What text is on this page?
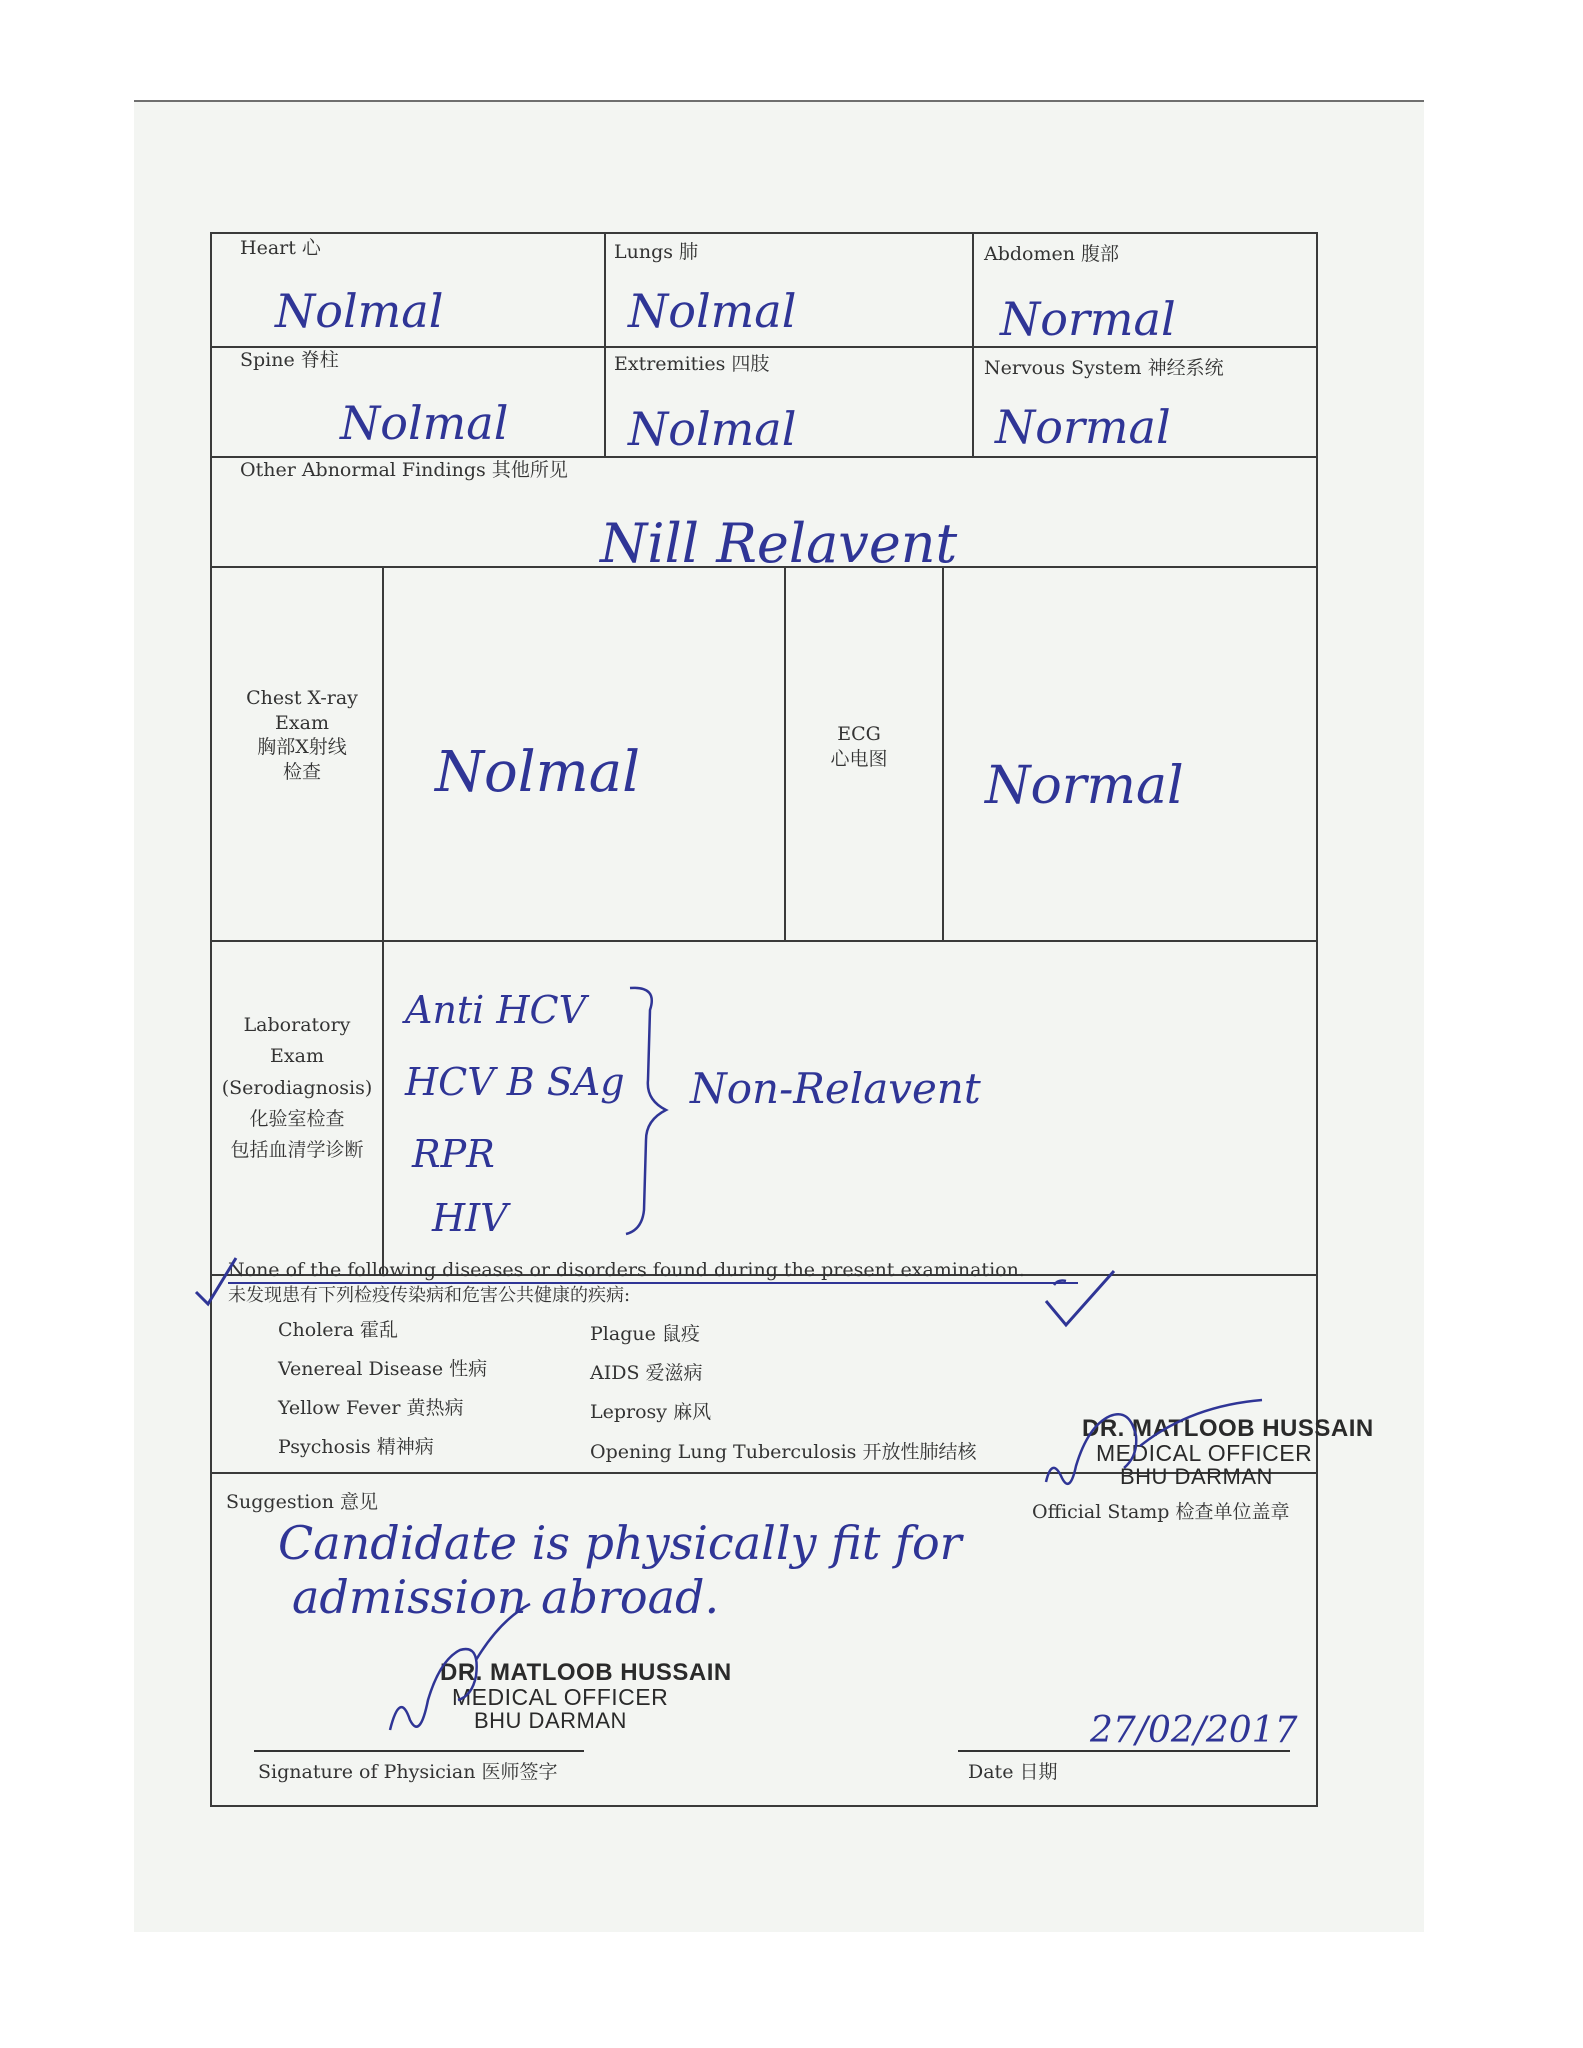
Heart 心
Nolmal
Lungs 肺
Nolmal
Abdomen 腹部
Normal
Spine 脊柱
Nolmal
Extremities 四肢
Nolmal
Nervous System 神经系统
Normal
Other Abnormal Findings 其他所见
Nill Relavent
Chest X-ray
Exam
胸部X射线
检查	Nolmal
ECG
心电图	Normal
Laboratory
Exam
(Serodiagnosis)
化验室检查
包括血清学诊断
Anti HCV
HCV B SAg
RPR
HIV
Non-Relavent
None of the following diseases or disorders found during the present examination.
未发现患有下列检疫传染病和危害公共健康的疾病:
Cholera 霍乱
Venereal Disease 性病
Yellow Fever 黄热病
Psychosis 精神病
Plague 鼠疫
AIDS 爱滋病
Leprosy 麻风
Opening Lung Tuberculosis 开放性肺结核
DR. MATLOOB HUSSAIN
MEDICAL OFFICER
BHU DARMAN
Official Stamp 检查单位盖章
Suggestion 意见
Candidate is physically fit for
admission abroad.
DR. MATLOOB HUSSAIN
MEDICAL OFFICER
BHU DARMAN
Signature of Physician 医师签字
27/02/2017
Date 日期
